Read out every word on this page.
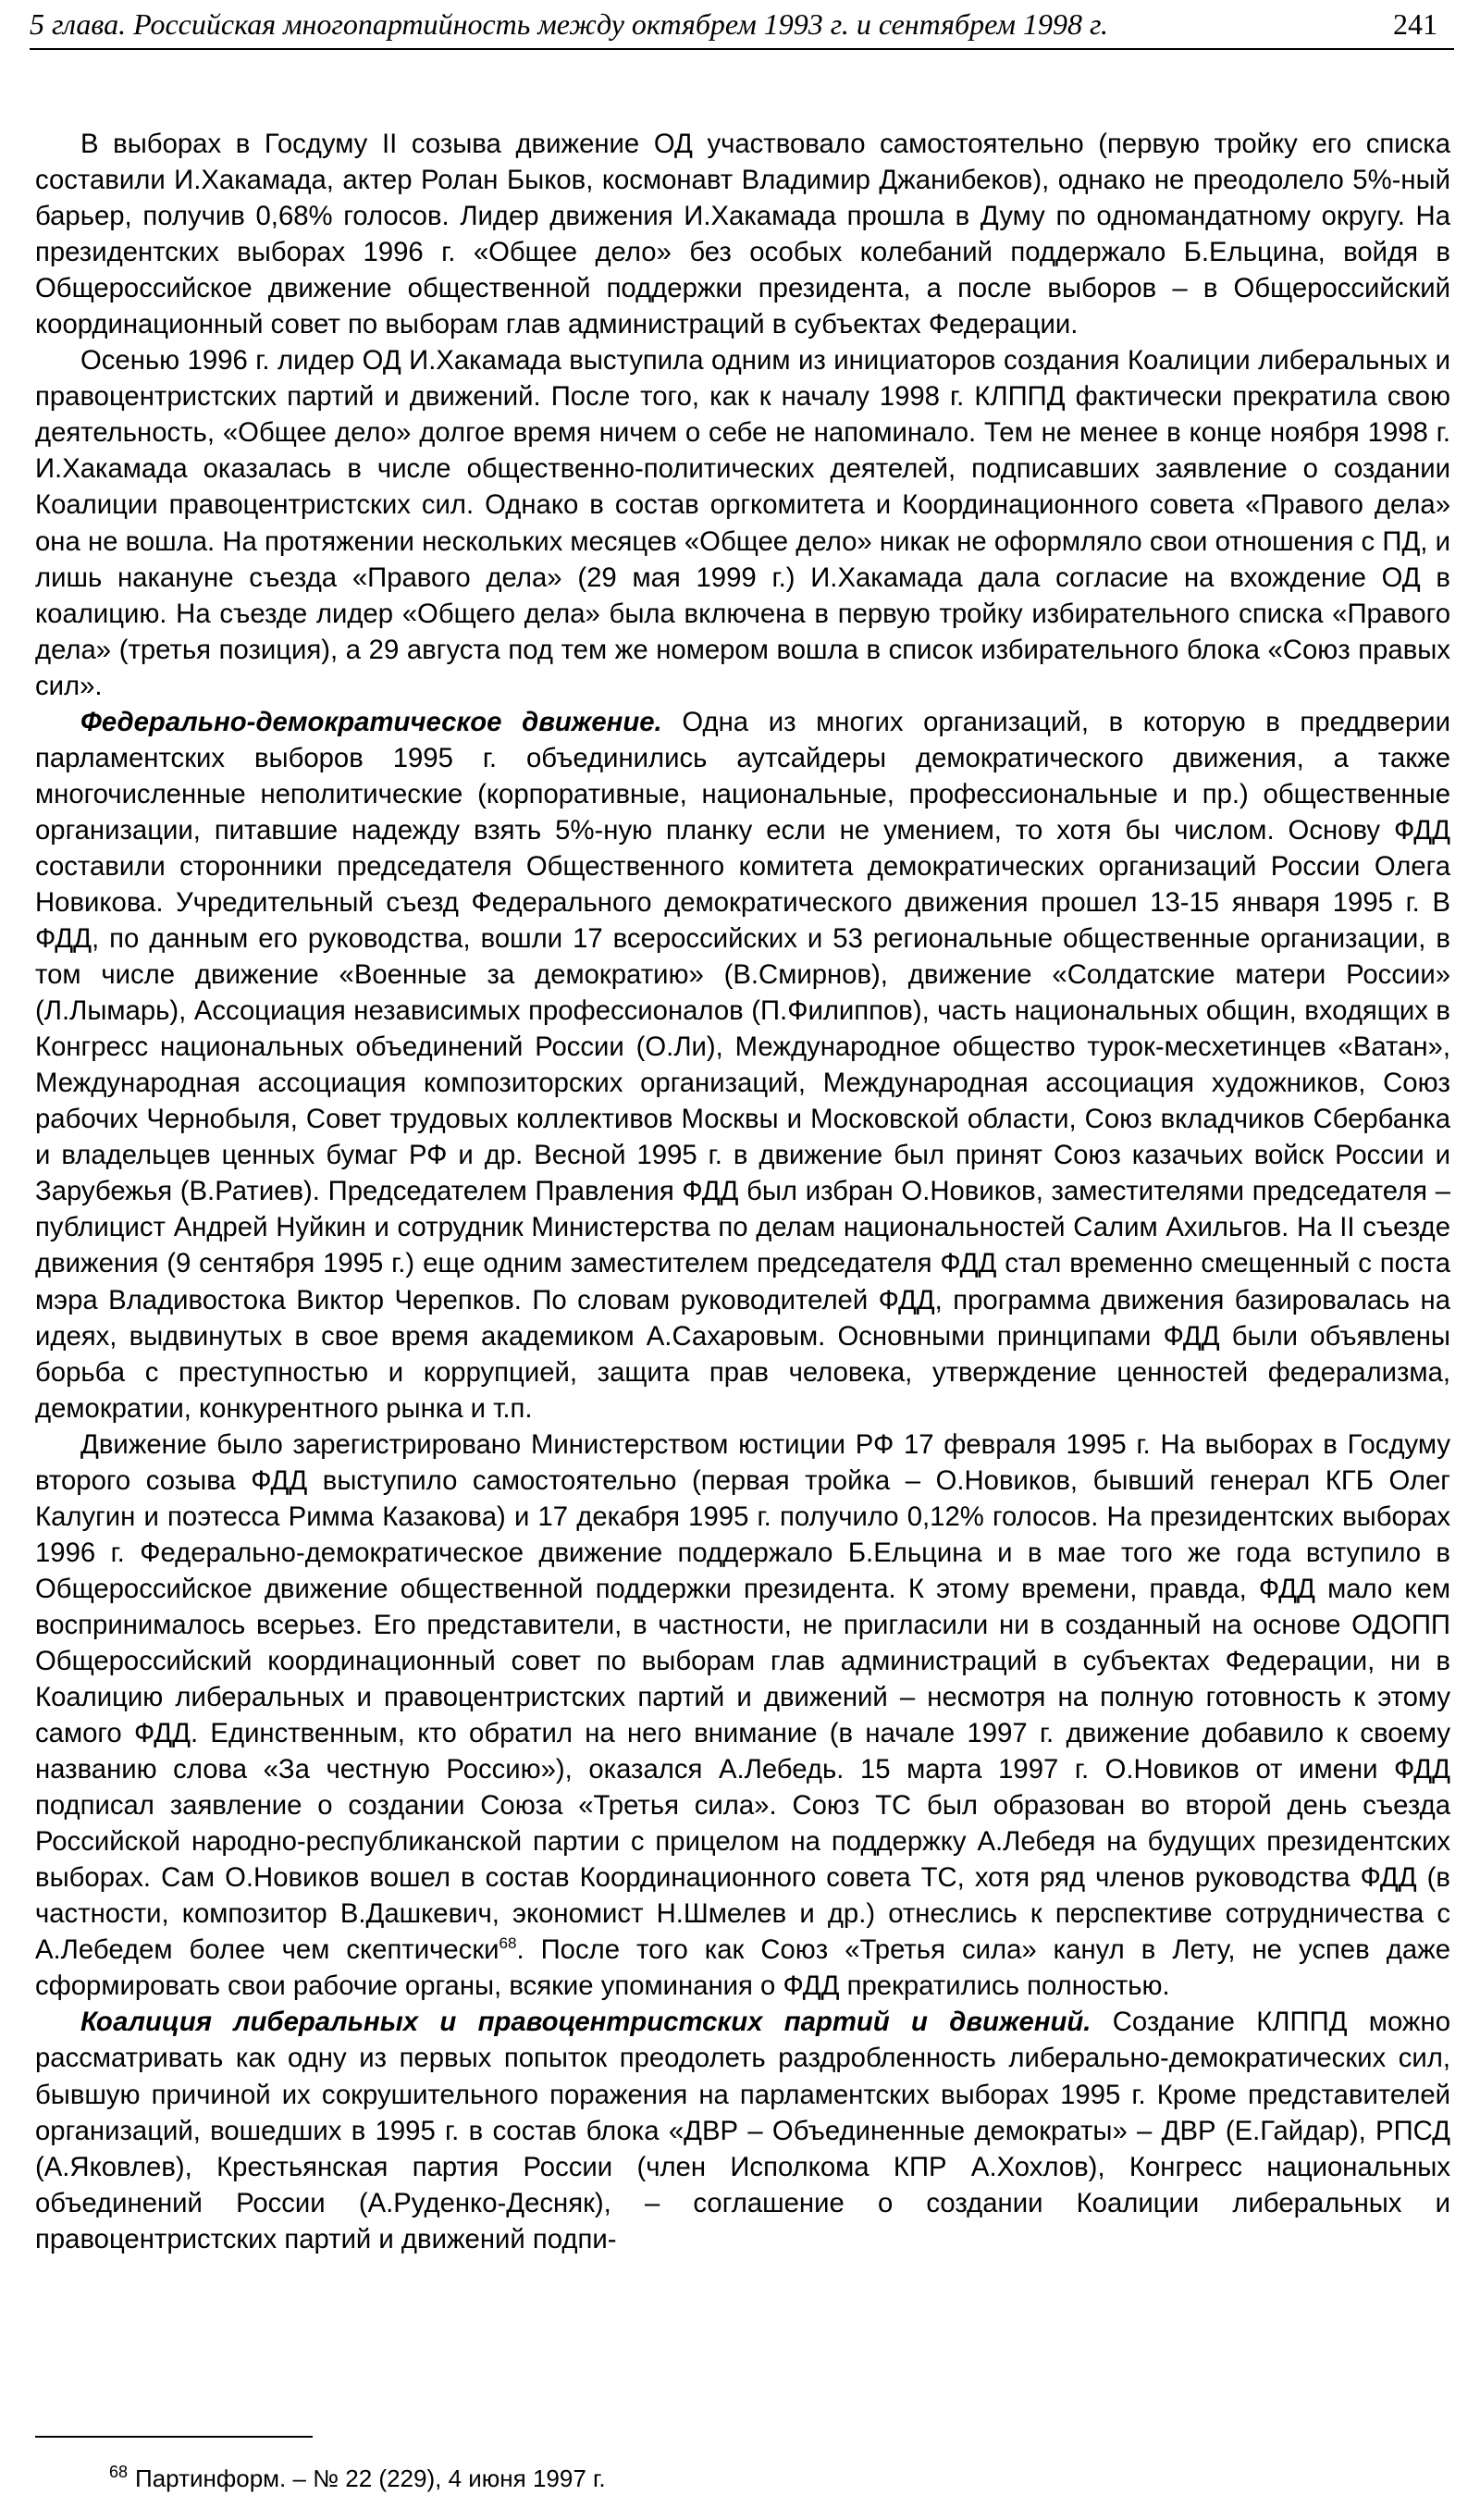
5 глава. Российская многопартийность между октябрем 1993 г. и сентябрем 1998 г.	241

В выборах в Госдуму II созыва движение ОД участвовало самостоятельно (первую тройку его списка составили И.Хакамада, актер Ролан Быков, космонавт Владимир Джанибеков), однако не преодолело 5%-ный барьер, получив 0,68% голосов. Лидер движения И.Хакамада прошла в Думу по одномандатному округу. На президентских выборах 1996 г. «Общее дело» без особых колебаний поддержало Б.Ельцина, войдя в Общероссийское движение общественной поддержки президента, а после выборов – в Общероссийский координационный совет по выборам глав администраций в субъектах Федерации.

Осенью 1996 г. лидер ОД И.Хакамада выступила одним из инициаторов создания Коалиции либеральных и правоцентристских партий и движений. После того, как к началу 1998 г. КЛППД фактически прекратила свою деятельность, «Общее дело» долгое время ничем о себе не напоминало. Тем не менее в конце ноября 1998 г. И.Хакамада оказалась в числе общественно-политических деятелей, подписавших заявление о создании Коалиции правоцентристских сил. Однако в состав оргкомитета и Координационного совета «Правого дела» она не вошла. На протяжении нескольких месяцев «Общее дело» никак не оформляло свои отношения с ПД, и лишь накануне съезда «Правого дела» (29 мая 1999 г.) И.Хакамада дала согласие на вхождение ОД в коалицию. На съезде лидер «Общего дела» была включена в первую тройку избирательного списка «Правого дела» (третья позиция), а 29 августа под тем же номером вошла в список избирательного блока «Союз правых сил».

Федерально-демократическое движение. Одна из многих организаций, в которую в преддверии парламентских выборов 1995 г. объединились аутсайдеры демократического движения, а также многочисленные неполитические (корпоративные, национальные, профессиональные и пр.) общественные организации, питавшие надежду взять 5%-ную планку если не умением, то хотя бы числом. Основу ФДД составили сторонники председателя Общественного комитета демократических организаций России Олега Новикова. Учредительный съезд Федерального демократического движения прошел 13-15 января 1995 г. В ФДД, по данным его руководства, вошли 17 всероссийских и 53 региональные общественные организации, в том числе движение «Военные за демократию» (В.Смирнов), движение «Солдатские матери России» (Л.Лымарь), Ассоциация независимых профессионалов (П.Филиппов), часть национальных общин, входящих в Конгресс национальных объединений России (О.Ли), Международное общество турок-месхетинцев «Ватан», Международная ассоциация композиторских организаций, Международная ассоциация художников, Союз рабочих Чернобыля, Совет трудовых коллективов Москвы и Московской области, Союз вкладчиков Сбербанка и владельцев ценных бумаг РФ и др. Весной 1995 г. в движение был принят Союз казачьих войск России и Зарубежья (В.Ратиев). Председателем Правления ФДД был избран О.Новиков, заместителями председателя – публицист Андрей Нуйкин и сотрудник Министерства по делам национальностей Салим Ахильгов. На II съезде движения (9 сентября 1995 г.) еще одним заместителем председателя ФДД стал временно смещенный с поста мэра Владивостока Виктор Черепков. По словам руководителей ФДД, программа движения базировалась на идеях, выдвинутых в свое время академиком А.Сахаровым. Основными принципами ФДД были объявлены борьба с преступностью и коррупцией, защита прав человека, утверждение ценностей федерализма, демократии, конкурентного рынка и т.п.

Движение было зарегистрировано Министерством юстиции РФ 17 февраля 1995 г. На выборах в Госдуму второго созыва ФДД выступило самостоятельно (первая тройка – О.Новиков, бывший генерал КГБ Олег Калугин и поэтесса Римма Казакова) и 17 декабря 1995 г. получило 0,12% голосов. На президентских выборах 1996 г. Федерально-демократическое движение поддержало Б.Ельцина и в мае того же года вступило в Общероссийское движение общественной поддержки президента. К этому времени, правда, ФДД мало кем воспринималось всерьез. Его представители, в частности, не пригласили ни в созданный на основе ОДОПП Общероссийский координационный совет по выборам глав администраций в субъектах Федерации, ни в Коалицию либеральных и правоцентристских партий и движений – несмотря на полную готовность к этому самого ФДД. Единственным, кто обратил на него внимание (в начале 1997 г. движение добавило к своему названию слова «За честную Россию»), оказался А.Лебедь. 15 марта 1997 г. О.Новиков от имени ФДД подписал заявление о создании Союза «Третья сила». Союз ТС был образован во второй день съезда Российской народно-республиканской партии с прицелом на поддержку А.Лебедя на будущих президентских выборах. Сам О.Новиков вошел в состав Координационного совета ТС, хотя ряд членов руководства ФДД (в частности, композитор В.Дашкевич, экономист Н.Шмелев и др.) отнеслись к перспективе сотрудничества с А.Лебедем более чем скептически$^{68}$. После того как Союз «Третья сила» канул в Лету, не успев даже сформировать свои рабочие органы, всякие упоминания о ФДД прекратились полностью.

Коалиция либеральных и правоцентристских партий и движений. Создание КЛППД можно рассматривать как одну из первых попыток преодолеть раздробленность либерально-демократических сил, бывшую причиной их сокрушительного поражения на парламентских выборах 1995 г. Кроме представителей организаций, вошедших в 1995 г. в состав блока «ДВР – Объединенные демократы» – ДВР (Е.Гайдар), РПСД (А.Яковлев), Крестьянская партия России (член Исполкома КПР А.Хохлов), Конгресс национальных объединений России (А.Руденко-Десняк), – соглашение о создании Коалиции либеральных и правоцентристских партий и движений подпи-

$^{68}$ Партинформ. – № 22 (229), 4 июня 1997 г.
